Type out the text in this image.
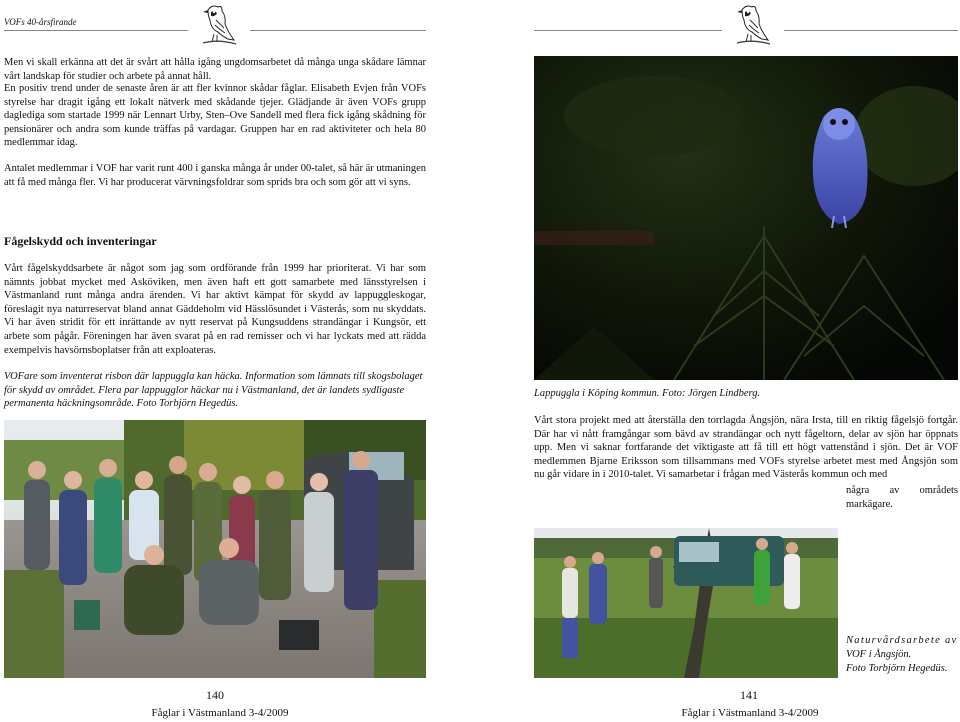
VOFs 40-årsfirande

Men vi skall erkänna att det är svårt att hålla igång ungdomsarbetet då många unga skådare lämnar vårt landskap för studier och arbete på annat håll.

En positiv trend under de senaste åren är att fler kvinnor skådar fåglar. Elisabeth Evjen från VOFs styrelse har dragit igång ett lokalt nätverk med skådande tjejer. Glädjande är även VOFs grupp daglediga som startade 1999 när Lennart Urby, Sten–Ove Sandell med flera fick igång skådning för pensionärer och andra som kunde träffas på vardagar. Gruppen har en rad aktiviteter och hela 80 medlemmar idag.

Antalet medlemmar i VOF har varit runt 400 i ganska många år under 00-talet, så här är utmaningen att få med många fler. Vi har producerat värvningsfoldrar som sprids bra och som gör att vi syns.

Fågelskydd och inventeringar

Vårt fågelskyddsarbete är något som jag som ordförande från 1999 har prioriterat. Vi har som nämnts jobbat mycket med Asköviken, men även haft ett gott samarbete med länsstyrelsen i Västmanland runt många andra ärenden. Vi har aktivt kämpat för skydd av lappuggleskogar, föreslagit nya naturreservat bland annat Gäddeholm vid Hässlösundet i Västerås, som nu skyddats. Vi har även stridit för ett inrättande av nytt reservat på Kungsuddens strandängar i Kungsör, ett arbete som pågår. Föreningen har även svarat på en rad remisser och vi har lyckats med att rädda exempelvis havsörnsboplatser från att exploateras.

VOFare som inventerat risbon där lappuggla kan häcka. Information som lämnats till skogsbolaget för skydd av området. Flera par lappugglor häckar nu i Västmanland, det är landets sydligaste permanenta häckningsområde. Foto Torbjörn Hegedüs.

140
Fåglar i Västmanland 3-4/2009

Lappuggla i Köping kommun. Foto: Jörgen Lindberg.

Vårt stora projekt med att återställa den torrlagda Ångsjön, nära Irsta, till en riktig fågelsjö fortgår. Där har vi nått framgångar som bävd av strandängar och nytt fågeltorn, delar av sjön har öppnats upp. Men vi saknar fortfarande det viktigaste att få till ett högt vattenstånd i sjön. Det är VOF medlemmen Bjarne Eriksson som tillsammans med VOFs styrelse arbetet mest med Ångsjön som nu går vidare in i 2010-talet. Vi samarbetar i frågan med Västerås kommun och med

några av områdets markägare.

Naturvårdsarbete av
VOF i Ångsjön.
Foto Torbjörn Hegedüs.
141
Fåglar i Västmanland 3-4/2009
